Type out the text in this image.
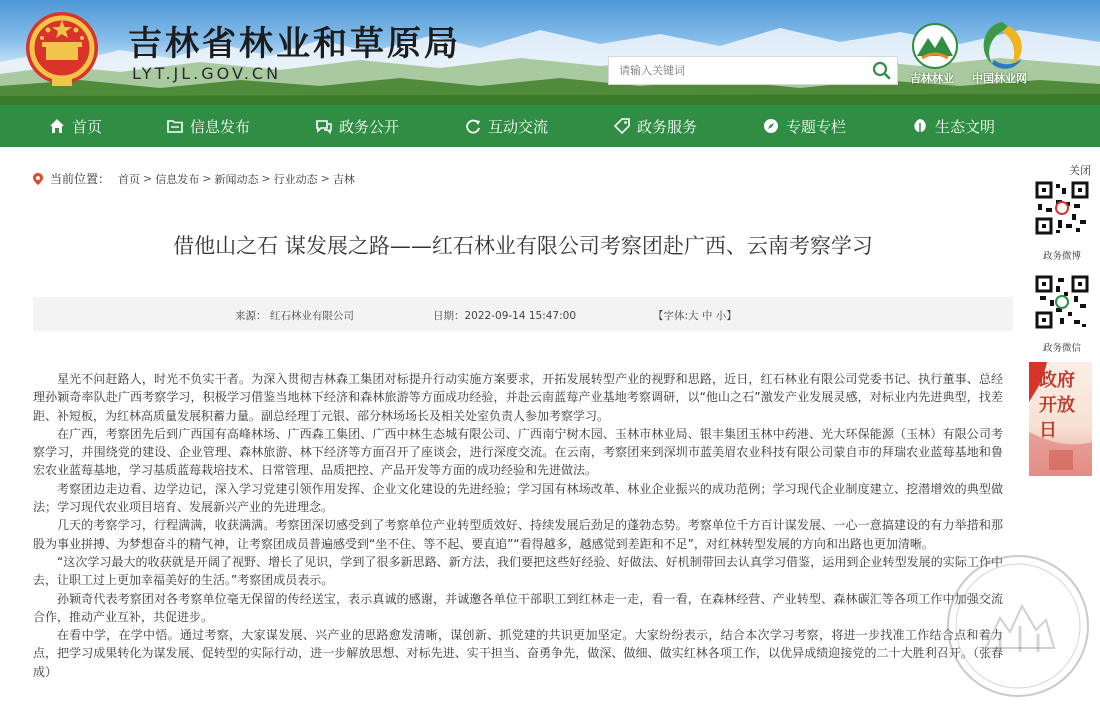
吉林省林业和草原局
LYT.JL.GOV.CN
请输入关键词	吉林林业 中国林业网
首页	信息发布	政务公开	互动交流	政务服务	专题专栏	生态文明
当前位置： 首页 > 信息发布 > 新闻动态 > 行业动态 > 吉林
借他山之石 谋发展之路——红石林业有限公司考察团赴广西、云南考察学习
来源： 红石林业有限公司	日期：2022-09-14 15:47:00	【字体:大 中 小】

星光不问赶路人，时光不负实干者。为深入贯彻吉林森工集团对标提升行动实施方案要求，开拓发展转型产业的视野和思路，近日，红石林业有限公司党委书记、执行董事、总经理孙颖奇率队赴广西考察学习，积极学习借鉴当地林下经济和森林旅游等方面成功经验，并赴云南蓝莓产业基地考察调研，以“他山之石”激发产业发展灵感，对标业内先进典型，找差距、补短板，为红林高质量发展积蓄力量。副总经理丁元银、部分林场场长及相关处室负责人参加考察学习。

在广西，考察团先后到广西国有高峰林场、广西森工集团、广西中林生态城有限公司、广西南宁树木园、玉林市林业局、银丰集团玉林中药港、光大环保能源（玉林）有限公司考察学习，并围绕党的建设、企业管理、森林旅游、林下经济等方面召开了座谈会，进行深度交流。在云南，考察团来到深圳市蓝美眉农业科技有限公司蒙自市的拜瑞农业蓝莓基地和鲁宏农业蓝莓基地，学习基质蓝莓栽培技术、日常管理、品质把控、产品开发等方面的成功经验和先进做法。

考察团边走边看、边学边记，深入学习党建引领作用发挥、企业文化建设的先进经验；学习国有林场改革、林业企业振兴的成功范例；学习现代企业制度建立、挖潜增效的典型做法；学习现代农业项目培育、发展新兴产业的先进理念。

几天的考察学习，行程满满，收获满满。考察团深切感受到了考察单位产业转型质效好、持续发展后劲足的蓬勃态势。考察单位千方百计谋发展、一心一意搞建设的有力举措和那股为事业拼搏、为梦想奋斗的精气神，让考察团成员普遍感受到“坐不住、等不起、要直追”“看得越多，越感觉到差距和不足”，对红林转型发展的方向和出路也更加清晰。

“这次学习最大的收获就是开阔了视野、增长了见识，学到了很多新思路、新方法，我们要把这些好经验、好做法、好机制带回去认真学习借鉴，运用到企业转型发展的实际工作中去，让职工过上更加幸福美好的生活。”考察团成员表示。

孙颖奇代表考察团对各考察单位毫无保留的传经送宝，表示真诚的感谢，并诚邀各单位干部职工到红林走一走，看一看，在森林经营、产业转型、森林碳汇等各项工作中加强交流合作，推动产业互补，共促进步。

在看中学，在学中悟。通过考察，大家谋发展、兴产业的思路愈发清晰，谋创新、抓党建的共识更加坚定。大家纷纷表示，结合本次学习考察，将进一步找准工作结合点和着力点，把学习成果转化为谋发展、促转型的实际行动，进一步解放思想、对标先进、实干担当、奋勇争先，做深、做细、做实红林各项工作，以优异成绩迎接党的二十大胜利召开。（张春成）

关闭
政务微博
政务微信
政府开放日
